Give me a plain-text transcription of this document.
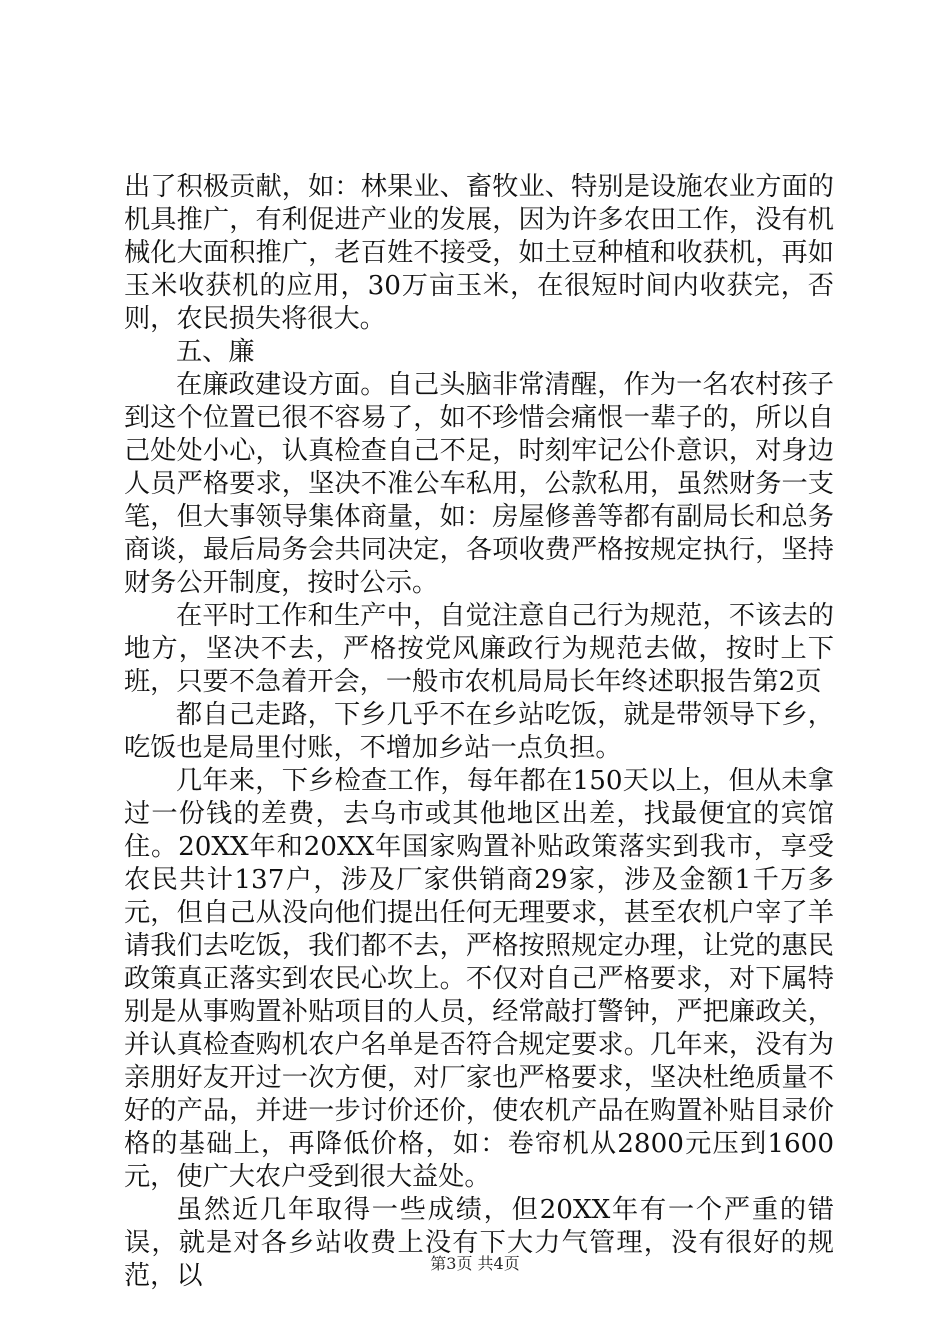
出了积极贡献，如：林果业、畜牧业、特别是设施农业方面的机具推广，有利促进产业的发展，因为许多农田工作，没有机械化大面积推广，老百姓不接受，如土豆种植和收获机，再如玉米收获机的应用，30万亩玉米，在很短时间内收获完，否则，农民损失将很大。

五、廉

在廉政建设方面。自己头脑非常清醒，作为一名农村孩子到这个位置已很不容易了，如不珍惜会痛恨一辈子的，所以自己处处小心，认真检查自己不足，时刻牢记公仆意识，对身边人员严格要求，坚决不准公车私用，公款私用，虽然财务一支笔，但大事领导集体商量，如：房屋修善等都有副局长和总务商谈，最后局务会共同决定，各项收费严格按规定执行，坚持财务公开制度，按时公示。

在平时工作和生产中，自觉注意自己行为规范，不该去的地方，坚决不去，严格按党风廉政行为规范去做，按时上下班，只要不急着开会，一般市农机局局长年终述职报告第2页

都自己走路，下乡几乎不在乡站吃饭，就是带领导下乡，吃饭也是局里付账，不增加乡站一点负担。

几年来，下乡检查工作，每年都在150天以上，但从未拿过一份钱的差费，去乌市或其他地区出差，找最便宜的宾馆住。20XX年和20XX年国家购置补贴政策落实到我市，享受农民共计137户，涉及厂家供销商29家，涉及金额1千万多元，但自己从没向他们提出任何无理要求，甚至农机户宰了羊请我们去吃饭，我们都不去，严格按照规定办理，让党的惠民政策真正落实到农民心坎上。不仅对自己严格要求，对下属特别是从事购置补贴项目的人员，经常敲打警钟，严把廉政关，并认真检查购机农户名单是否符合规定要求。几年来，没有为亲朋好友开过一次方便，对厂家也严格要求，坚决杜绝质量不好的产品，并进一步讨价还价，使农机产品在购置补贴目录价格的基础上，再降低价格，如：卷帘机从2800元压到1600元，使广大农户受到很大益处。

虽然近几年取得一些成绩，但20XX年有一个严重的错误，就是对各乡站收费上没有下大力气管理，没有很好的规范，以	第3页 共4页
